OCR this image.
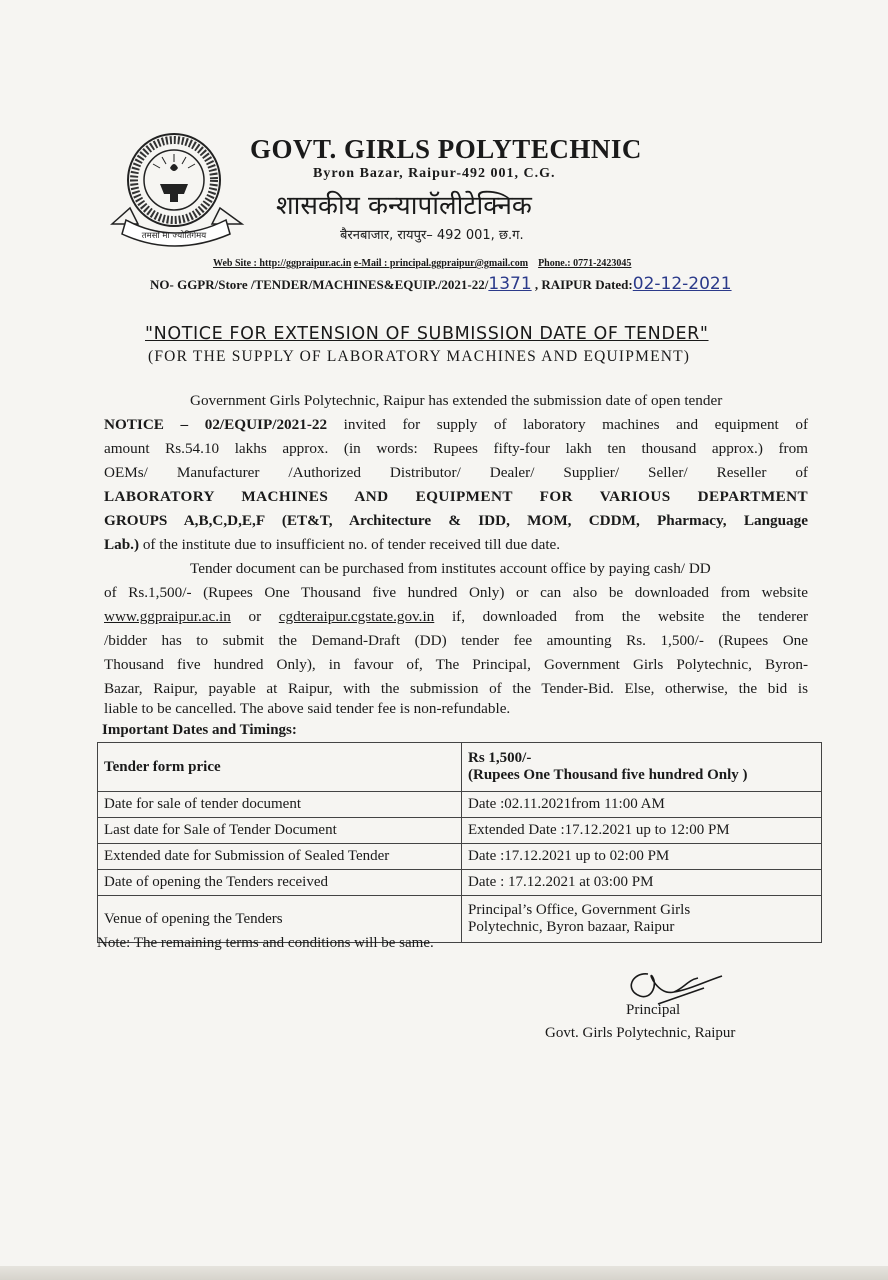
तमसो मा ज्योतिर्गमय
GOVT. GIRLS POLYTECHNIC
Byron Bazar, Raipur-492 001, C.G.
शासकीय कन्यापॉलीटेक्निक
बैरनबाजार, रायपुर– 492 001, छ.ग.
Web Site : http://ggpraipur.ac.in e-Mail : principal.ggpraipur@gmail.com Phone.: 0771-2423045
NO- GGPR/Store /TENDER/MACHINES&EQUIP./2021-22/1371 , RAIPUR Dated:02-12-2021
"NOTICE FOR EXTENSION OF SUBMISSION DATE OF TENDER"
(FOR THE SUPPLY OF LABORATORY MACHINES AND EQUIPMENT)
Government Girls Polytechnic, Raipur has extended the submission date of open tender
NOTICE – 02/EQUIP/2021-22 invited for supply of laboratory machines and equipment of
amount Rs.54.10 lakhs approx. (in words: Rupees fifty-four lakh ten thousand approx.) from
OEMs/ Manufacturer /Authorized Distributor/ Dealer/ Supplier/ Seller/ Reseller of
LABORATORY MACHINES AND EQUIPMENT FOR VARIOUS DEPARTMENT
GROUPS A,B,C,D,E,F (ET&T, Architecture & IDD, MOM, CDDM, Pharmacy, Language
Lab.) of the institute due to insufficient no. of tender received till due date.
Tender document can be purchased from institutes account office by paying cash/ DD
of Rs.1,500/- (Rupees One Thousand five hundred Only) or can also be downloaded from website
www.ggpraipur.ac.in or cgdteraipur.cgstate.gov.in if, downloaded from the website the tenderer
/bidder has to submit the Demand-Draft (DD) tender fee amounting Rs. 1,500/- (Rupees One
Thousand five hundred Only), in favour of, The Principal, Government Girls Polytechnic, Byron-
Bazar, Raipur, payable at Raipur, with the submission of the Tender-Bid. Else, otherwise, the bid is
liable to be cancelled. The above said tender fee is non-refundable.
Important Dates and Timings:
Tender form price	Rs 1,500/-
(Rupees One Thousand five hundred Only )

Date for sale of tender document	Date :02.11.2021from 11:00 AM
Last date for Sale of Tender Document	Extended Date :17.12.2021 up to 12:00 PM
Extended date for Submission of Sealed Tender	Date :17.12.2021 up to 02:00 PM
Date of opening the Tenders received	Date : 17.12.2021 at 03:00 PM
Venue of opening the Tenders	Principal’s Office, Government Girls
Polytechnic, Byron bazaar, Raipur
Note: The remaining terms and conditions will be same.
Principal
Govt. Girls Polytechnic, Raipur
